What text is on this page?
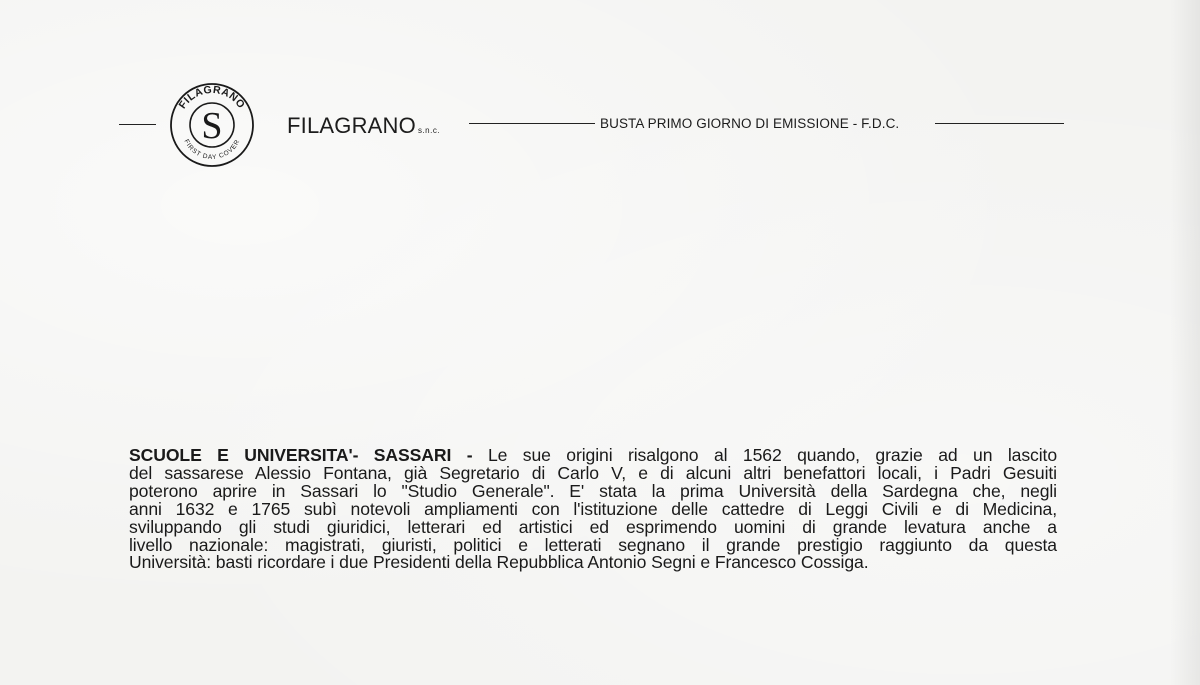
FILAGRANO
FIRST DAY COVER
S	FILAGRANO s.n.c.	BUSTA PRIMO GIORNO DI EMISSIONE - F.D.C.
SCUOLE E UNIVERSITA'- SASSARI - Le sue origini risalgono al 1562 quando, grazie ad un lascito
del sassarese Alessio Fontana, già Segretario di Carlo V, e di alcuni altri benefattori locali, i Padri Gesuiti
poterono aprire in Sassari lo "Studio Generale". E' stata la prima Università della Sardegna che, negli
anni 1632 e 1765 subì notevoli ampliamenti con l'istituzione delle cattedre di Leggi Civili e di Medicina,
sviluppando gli studi giuridici, letterari ed artistici ed esprimendo uomini di grande levatura anche a
livello nazionale: magistrati, giuristi, politici e letterati segnano il grande prestigio raggiunto da questa
Università: basti ricordare i due Presidenti della Repubblica Antonio Segni e Francesco Cossiga.
